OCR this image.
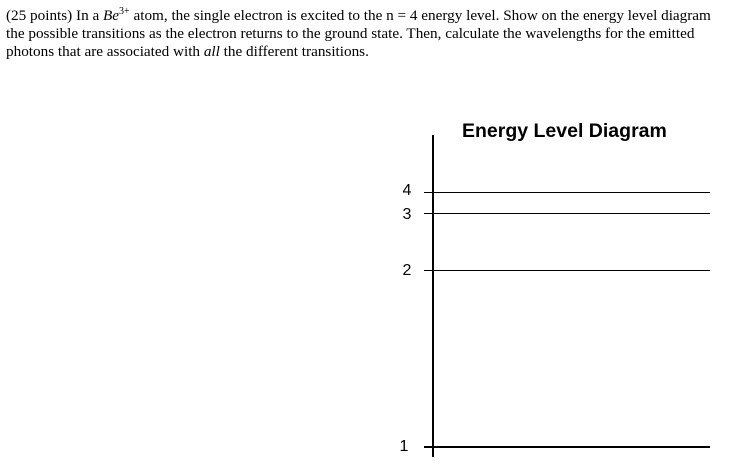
(25 points) In a $Be^{3+}$ atom, the single electron is excited to the n = 4 energy level. Show on the energy level diagram the possible transitions as the electron returns to the ground state. Then, calculate the wavelengths for the emitted photons that are associated with all the different transitions.

Energy Level Diagram
4
3
2
1
